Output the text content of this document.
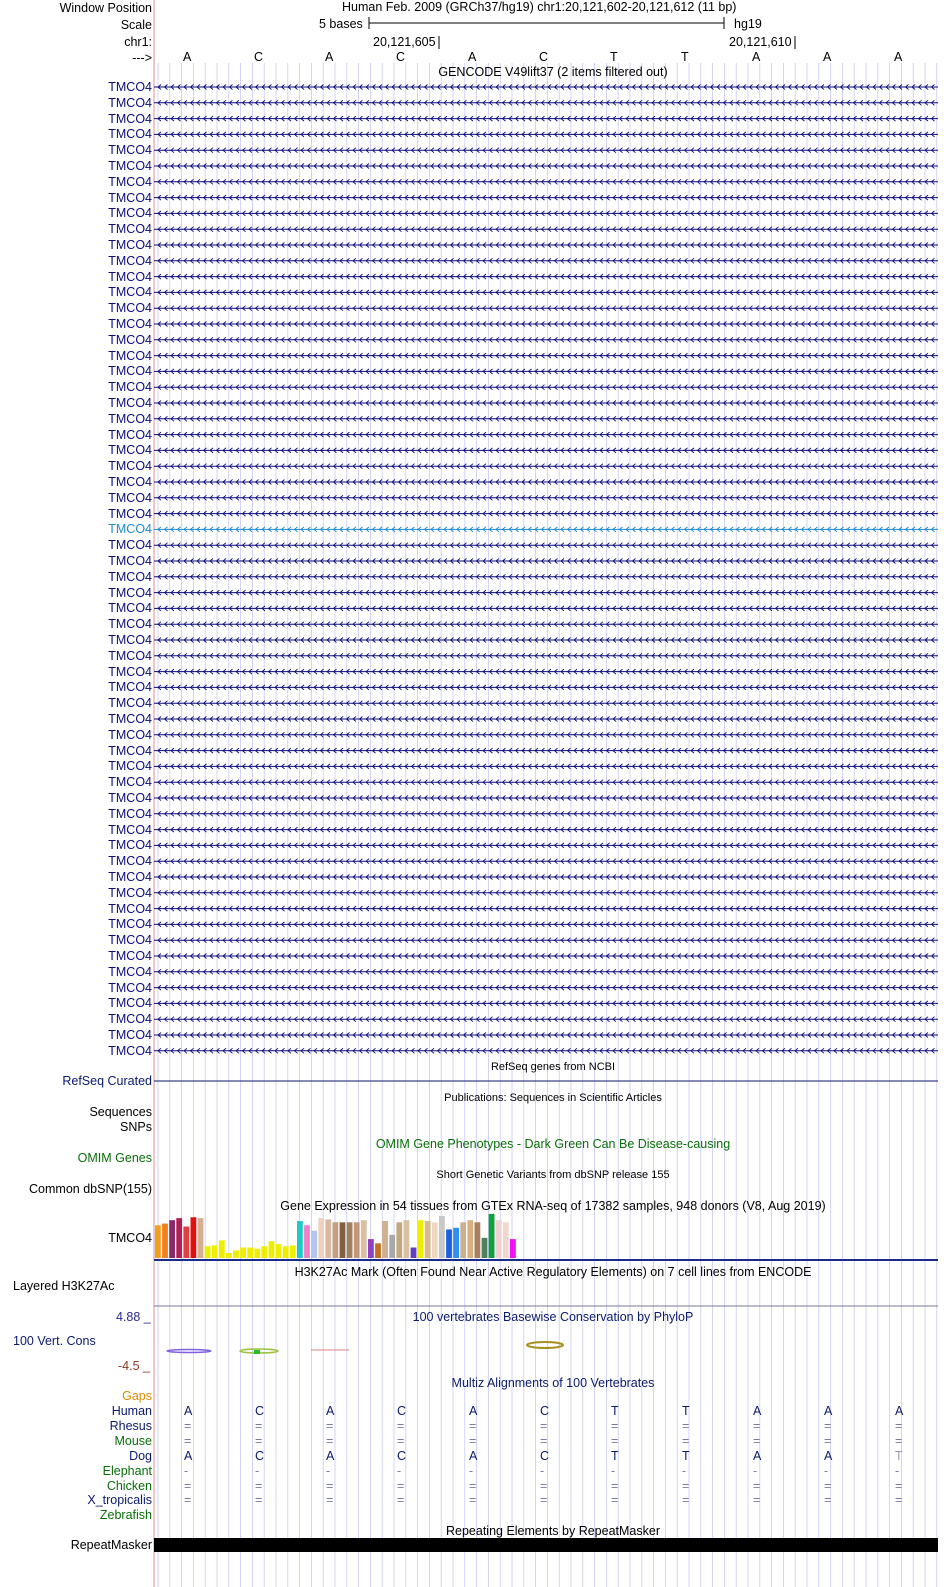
Window Position
Scale
chr1:
--->
Human Feb. 2009 (GRCh37/hg19) chr1:20,121,602-20,121,612 (11 bp)
5 bases	hg19
20,121,605	20,121,610
A	C	A	C	A	C	T	T	A	A	A
GENCODE V49lift37 (2 items filtered out)
TMCO4
TMCO4
TMCO4
TMCO4
TMCO4
TMCO4
TMCO4
TMCO4
TMCO4
TMCO4
TMCO4
TMCO4
TMCO4
TMCO4
TMCO4
TMCO4
TMCO4
TMCO4
TMCO4
TMCO4
TMCO4
TMCO4
TMCO4
TMCO4
TMCO4
TMCO4
TMCO4
TMCO4
TMCO4
TMCO4
TMCO4
TMCO4
TMCO4
TMCO4
TMCO4
TMCO4
TMCO4
TMCO4
TMCO4
TMCO4
TMCO4
TMCO4
TMCO4
TMCO4
TMCO4
TMCO4
TMCO4
TMCO4
TMCO4
TMCO4
TMCO4
TMCO4
TMCO4
TMCO4
TMCO4
TMCO4
TMCO4
TMCO4
TMCO4
TMCO4
TMCO4
TMCO4
RefSeq genes from NCBI
RefSeq Curated
Publications: Sequences in Scientific Articles
Sequences
SNPs
OMIM Gene Phenotypes - Dark Green Can Be Disease-causing
OMIM Genes
Short Genetic Variants from dbSNP release 155
Common dbSNP(155)
Gene Expression in 54 tissues from GTEx RNA-seq of 17382 samples, 948 donors (V8, Aug 2019)
TMCO4
H3K27Ac Mark (Often Found Near Active Regulatory Elements) on 7 cell lines from ENCODE
Layered H3K27Ac
100 vertebrates Basewise Conservation by PhyloP
4.88 _
100 Vert. Cons
-4.5 _
Multiz Alignments of 100 Vertebrates
Gaps
Human	A	C	A	C	A	C	T	T	A	A	A
Rhesus	=	=	=	=	=	=	=	=	=	=	=
Mouse	=	=	=	=	=	=	=	=	=	=	=
Dog	A	C	A	C	A	C	T	T	A	A	T
Elephant	-	-	-	-	-	-	-	-	-	-	-
Chicken	=	=	=	=	=	=	=	=	=	=	=
X_tropicalis	=	=	=	=	=	=	=	=	=	=	=
Zebrafish
Repeating Elements by RepeatMasker
RepeatMasker
